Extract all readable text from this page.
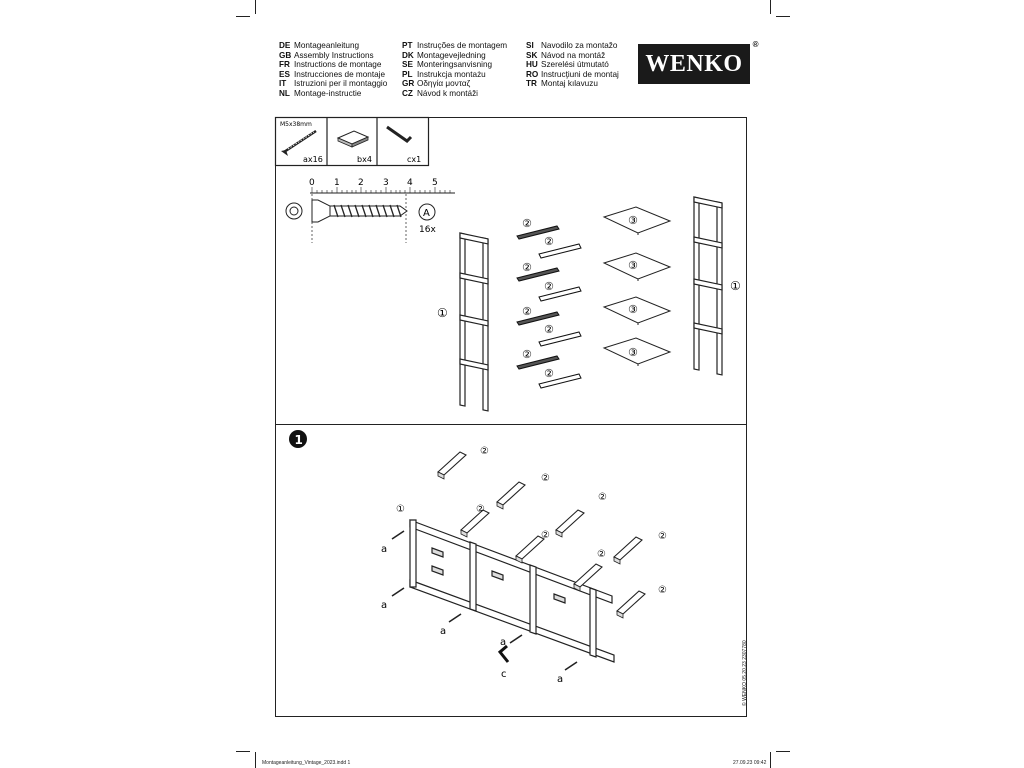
DE Montageanleitung
GB Assembly Instructions
FR Instructions de montage
ES Instrucciones de montaje
IT Istruzioni per il montaggio
NL Montage-instructie
PT Instruções de montagem
DK Montagevejledning
SE Monteringsanvisning
PL Instrukcja montażu
GR Οδηγία μονταζ
CZ Návod k montáži
SI Navodilo za montažo
SK Návod na montáž
HU Szerelési útmutató
RO Instrucţiuni de montaj
TR Montaj kılavuzu
WENKO
®
M5x38mm
ax16	bx4	cx1
0 1 2 3 4 5
A
16x
①
①
②
②
②
②
②
②
②
②
③
③
③
③
1
②
②
②
②
②
②
②
②
①
a
a
a
a
a
c	© WENKO 05.20.23 2307780
Montageanleitung_Vintage_2023.indd 1	27.09.23 09:42
